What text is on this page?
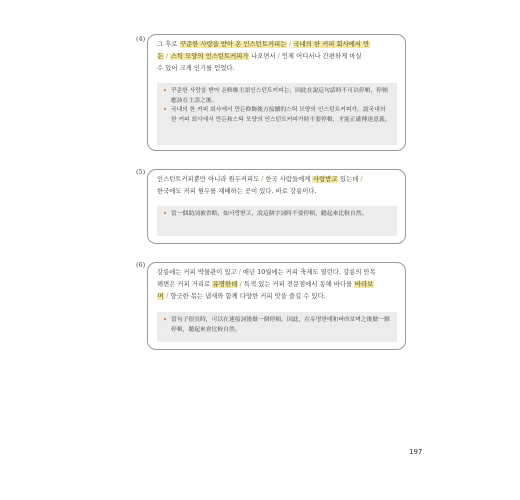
(4)
그 후로 꾸준한 사랑을 받아 온 인스턴트커피는 / 국내의 한 커피 회사에서 만
든 / 스틱 모양의 인스턴트커피가 나오면서 / 언제 어디서나 간편하게 마실
수 있어 크게 인기를 얻었다.
• 꾸준한 사랑을 받아 온修飾主語인스턴트커피는，因此在說這句話時不可以停頓，停頓應該在主語之後。
• 국내의 한 커피 회사에서 만든修飾後方接續的스틱 모양의 인스턴트커피가，說국내의 한 커피 회사에서 만든和스틱 모양의 인스턴트커피가時不要停頓，才能正確傳達意義。
(5)
인스턴트커피뿐만 아니라 원두커피도 / 한국 사람들에게 사랑받고 있는데 /
한국에도 커피 원두를 재배하는 곳이 있다. 바로 강릉이다.
• 當一個助詞被省略，如사랑받고，說這個字詞時不要停頓，聽起來比較自然。
(6)
강릉에는 커피 박물관이 있고 / 매년 10월에는 커피 축제도 열린다. 강릉의 안목
해변은 커피 거리로 유명한데 / 특색 있는 커피 전문점에서 동해 바다를 바라보
며 / 향긋한 볶는 냄새와 함께 다양한 커피 맛을 즐길 수 있다.
• 當句子很長時，可以在連接詞後做一個停頓。因此，在유명한데和바라보며之後做一個停頓，聽起來會比較自然。
197
